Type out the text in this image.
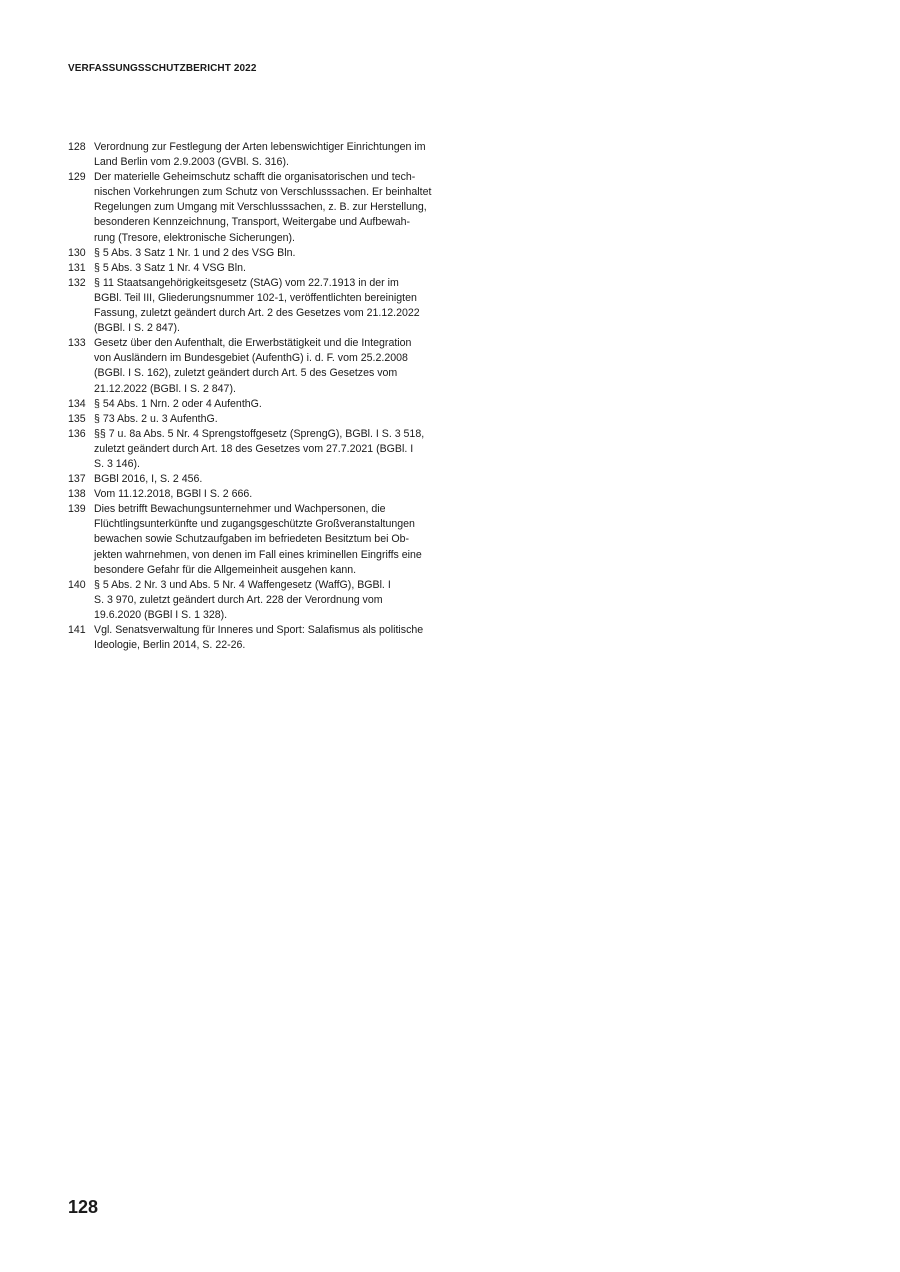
VERFASSUNGSSCHUTZBERICHT 2022
128 Verordnung zur Festlegung der Arten lebenswichtiger Einrichtungen im
Land Berlin vom 2.9.2003 (GVBl. S. 316).
129 Der materielle Geheimschutz schafft die organisatorischen und tech-
nischen Vorkehrungen zum Schutz von Verschlusssachen. Er beinhaltet
Regelungen zum Umgang mit Verschlusssachen, z. B. zur Herstellung,
besonderen Kennzeichnung, Transport, Weitergabe und Aufbewah-
rung (Tresore, elektronische Sicherungen).
130 § 5 Abs. 3 Satz 1 Nr. 1 und 2 des VSG Bln.
131 § 5 Abs. 3 Satz 1 Nr. 4 VSG Bln.
132 § 11 Staatsangehörigkeitsgesetz (StAG) vom 22.7.1913 in der im
BGBl. Teil III, Gliederungsnummer 102-1, veröffentlichten bereinigten
Fassung, zuletzt geändert durch Art. 2 des Gesetzes vom 21.12.2022
(BGBl. I S. 2 847).
133 Gesetz über den Aufenthalt, die Erwerbstätigkeit und die Integration
von Ausländern im Bundesgebiet (AufenthG) i. d. F. vom 25.2.2008
(BGBl. I S. 162), zuletzt geändert durch Art. 5 des Gesetzes vom
21.12.2022 (BGBl. I S. 2 847).
134 § 54 Abs. 1 Nrn. 2 oder 4 AufenthG.
135 § 73 Abs. 2 u. 3 AufenthG.
136 §§ 7 u. 8a Abs. 5 Nr. 4 Sprengstoffgesetz (SprengG), BGBl. I S. 3 518,
zuletzt geändert durch Art. 18 des Gesetzes vom 27.7.2021 (BGBl. I
S. 3 146).
137 BGBl 2016, I, S. 2 456.
138 Vom 11.12.2018, BGBl I S. 2 666.
139 Dies betrifft Bewachungsunternehmer und Wachpersonen, die
Flüchtlingsunterkünfte und zugangsgeschützte Großveranstaltungen
bewachen sowie Schutzaufgaben im befriedeten Besitztum bei Ob-
jekten wahrnehmen, von denen im Fall eines kriminellen Eingriffs eine
besondere Gefahr für die Allgemeinheit ausgehen kann.
140 § 5 Abs. 2 Nr. 3 und Abs. 5 Nr. 4 Waffengesetz (WaffG), BGBl. I
S. 3 970, zuletzt geändert durch Art. 228 der Verordnung vom
19.6.2020 (BGBl I S. 1 328).
141 Vgl. Senatsverwaltung für Inneres und Sport: Salafismus als politische
Ideologie, Berlin 2014, S. 22-26.
128
